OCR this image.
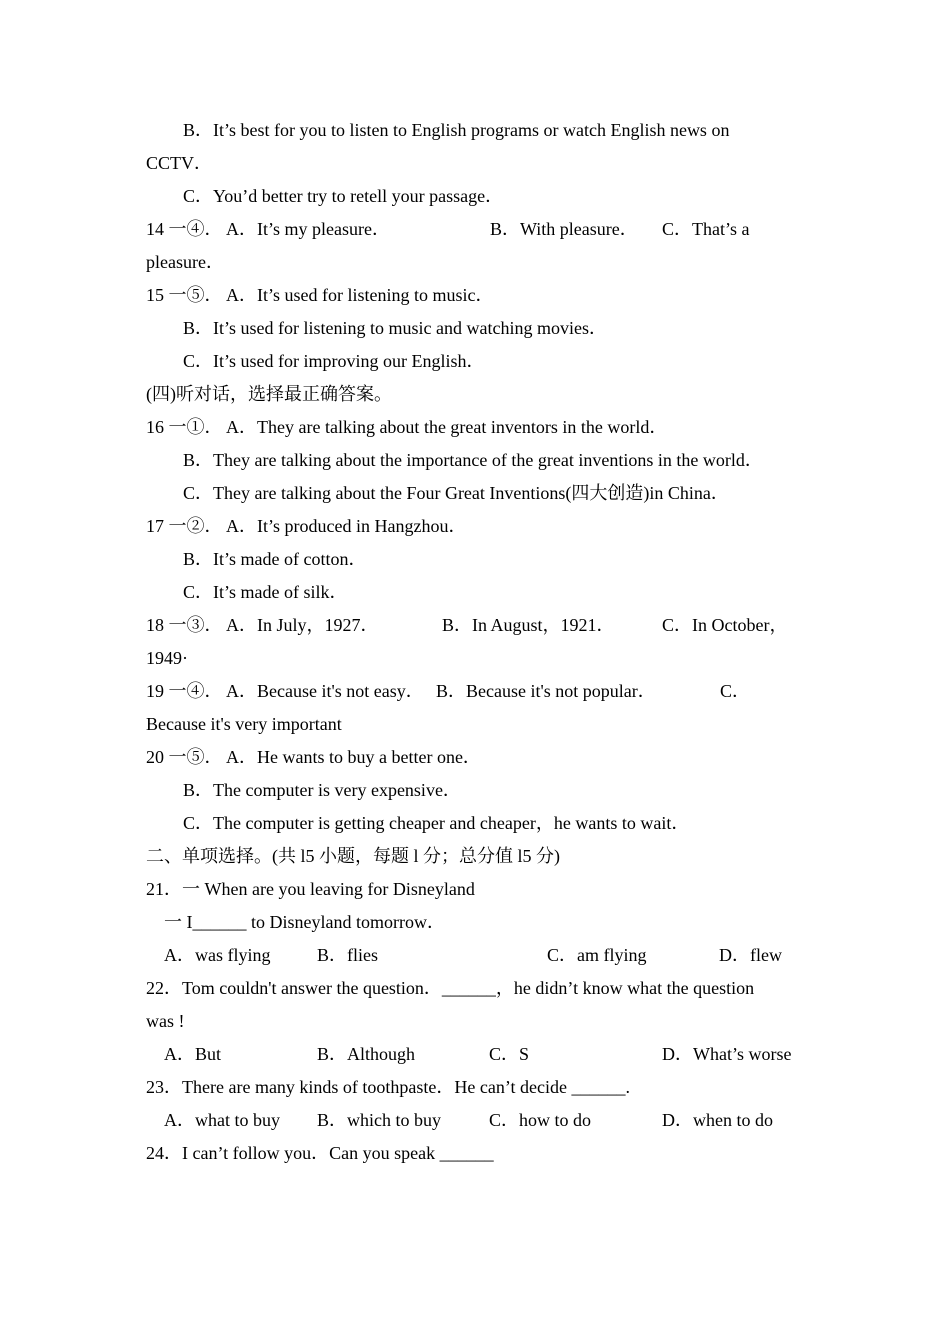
B．It’s best for you to listen to English programs or watch English news on
CCTV．
C．You’d better try to retell your passage．
14 一④． A．It’s my pleasure．	B．With pleasure． C．That’s a
pleasure．
15 一⑤． A．It’s used for listening to music．
B．It’s used for listening to music and watching movies．
C．It’s used for improving our English．
(四)听对话，选择最正确答案。
16 一①． A．They are talking about the great inventors in the world．
B．They are talking about the importance of the great inventions in the world．
C．They are talking about the Four Great Inventions(四大创造)in China．
17 一②． A．It’s produced in Hangzhou．
B．It’s made of cotton．
C．It’s made of silk．
18 一③． A．In July，1927．	B．In August，1921．	C．In October，
1949·
19 一④． A．Because it's not easy． B．Because it's not popular．	C．
Because it's very important
20 一⑤． A．He wants to buy a better one．
B．The computer is very expensive．
C．The computer is getting cheaper and cheaper，he wants to wait．
二、单项选择。(共 l5 小题，每题 l 分；总分值 l5 分)
21．一 When are you leaving for Disneyland
一 I______ to Disneyland tomorrow．
A．was flying	B．flies	C．am flying	D．flew
22．Tom couldn't answer the question．______，he didn’t know what the question
was !
A．But	B．Although	C．S	D．What’s worse
23．There are many kinds of toothpaste．He can’t decide ______.
A．what to buy B．which to buy	C．how to do	D．when to do
24．I can’t follow you．Can you speak ______
